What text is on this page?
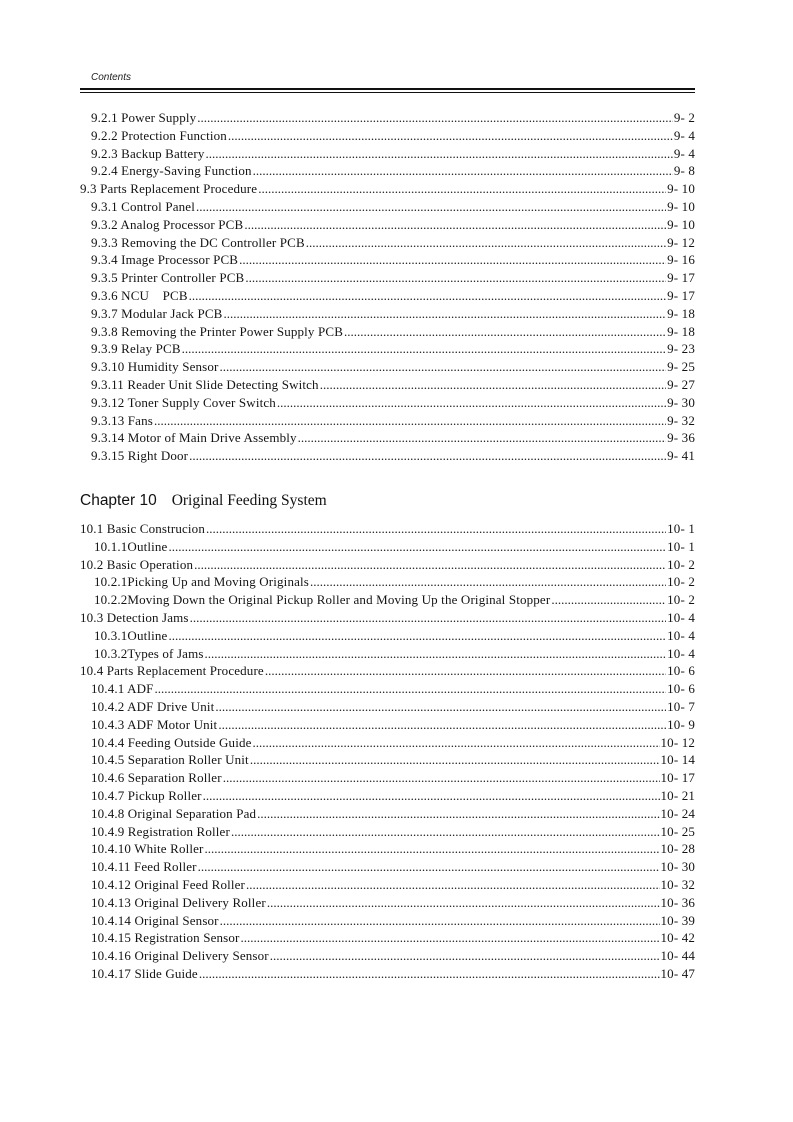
Contents
9.2.1 Power Supply .....	9- 2
9.2.2 Protection Function .....	9- 4
9.2.3 Backup Battery .....	9- 4
9.2.4 Energy-Saving Function .....	9- 8
9.3 Parts Replacement Procedure .....	9- 10
9.3.1 Control Panel .....	9- 10
9.3.2 Analog Processor PCB .....	9- 10
9.3.3 Removing the DC Controller PCB .....	9- 12
9.3.4 Image Processor PCB .....	9- 16
9.3.5 Printer Controller PCB .....	9- 17
9.3.6 NCU    PCB .....	9- 17
9.3.7 Modular Jack PCB .....	9- 18
9.3.8 Removing the Printer Power Supply PCB .....	9- 18
9.3.9 Relay PCB .....	9- 23
9.3.10 Humidity Sensor .....	9- 25
9.3.11 Reader Unit Slide Detecting Switch .....	9- 27
9.3.12 Toner Supply Cover Switch .....	9- 30
9.3.13 Fans .....	9- 32
9.3.14 Motor of Main Drive Assembly .....	9- 36
9.3.15 Right Door .....	9- 41
Chapter 10 Original Feeding System
10.1 Basic Construcion .....	10- 1
10.1.1Outline .....	10- 1
10.2 Basic Operation .....	10- 2
10.2.1Picking Up and Moving Originals .....	10- 2
10.2.2Moving Down the Original Pickup Roller and Moving Up the Original Stopper .....	10- 2
10.3 Detection Jams .....	10- 4
10.3.1Outline .....	10- 4
10.3.2Types of Jams .....	10- 4
10.4 Parts Replacement Procedure .....	10- 6
10.4.1 ADF .....	10- 6
10.4.2 ADF Drive Unit .....	10- 7
10.4.3 ADF Motor Unit .....	10- 9
10.4.4 Feeding Outside Guide .....	10- 12
10.4.5 Separation Roller Unit .....	10- 14
10.4.6 Separation Roller .....	10- 17
10.4.7 Pickup Roller .....	10- 21
10.4.8 Original Separation Pad .....	10- 24
10.4.9 Registration Roller .....	10- 25
10.4.10 White Roller .....	10- 28
10.4.11 Feed Roller .....	10- 30
10.4.12 Original Feed Roller .....	10- 32
10.4.13 Original Delivery Roller .....	10- 36
10.4.14 Original Sensor .....	10- 39
10.4.15 Registration Sensor .....	10- 42
10.4.16 Original Delivery Sensor .....	10- 44
10.4.17 Slide Guide .....	10- 47
